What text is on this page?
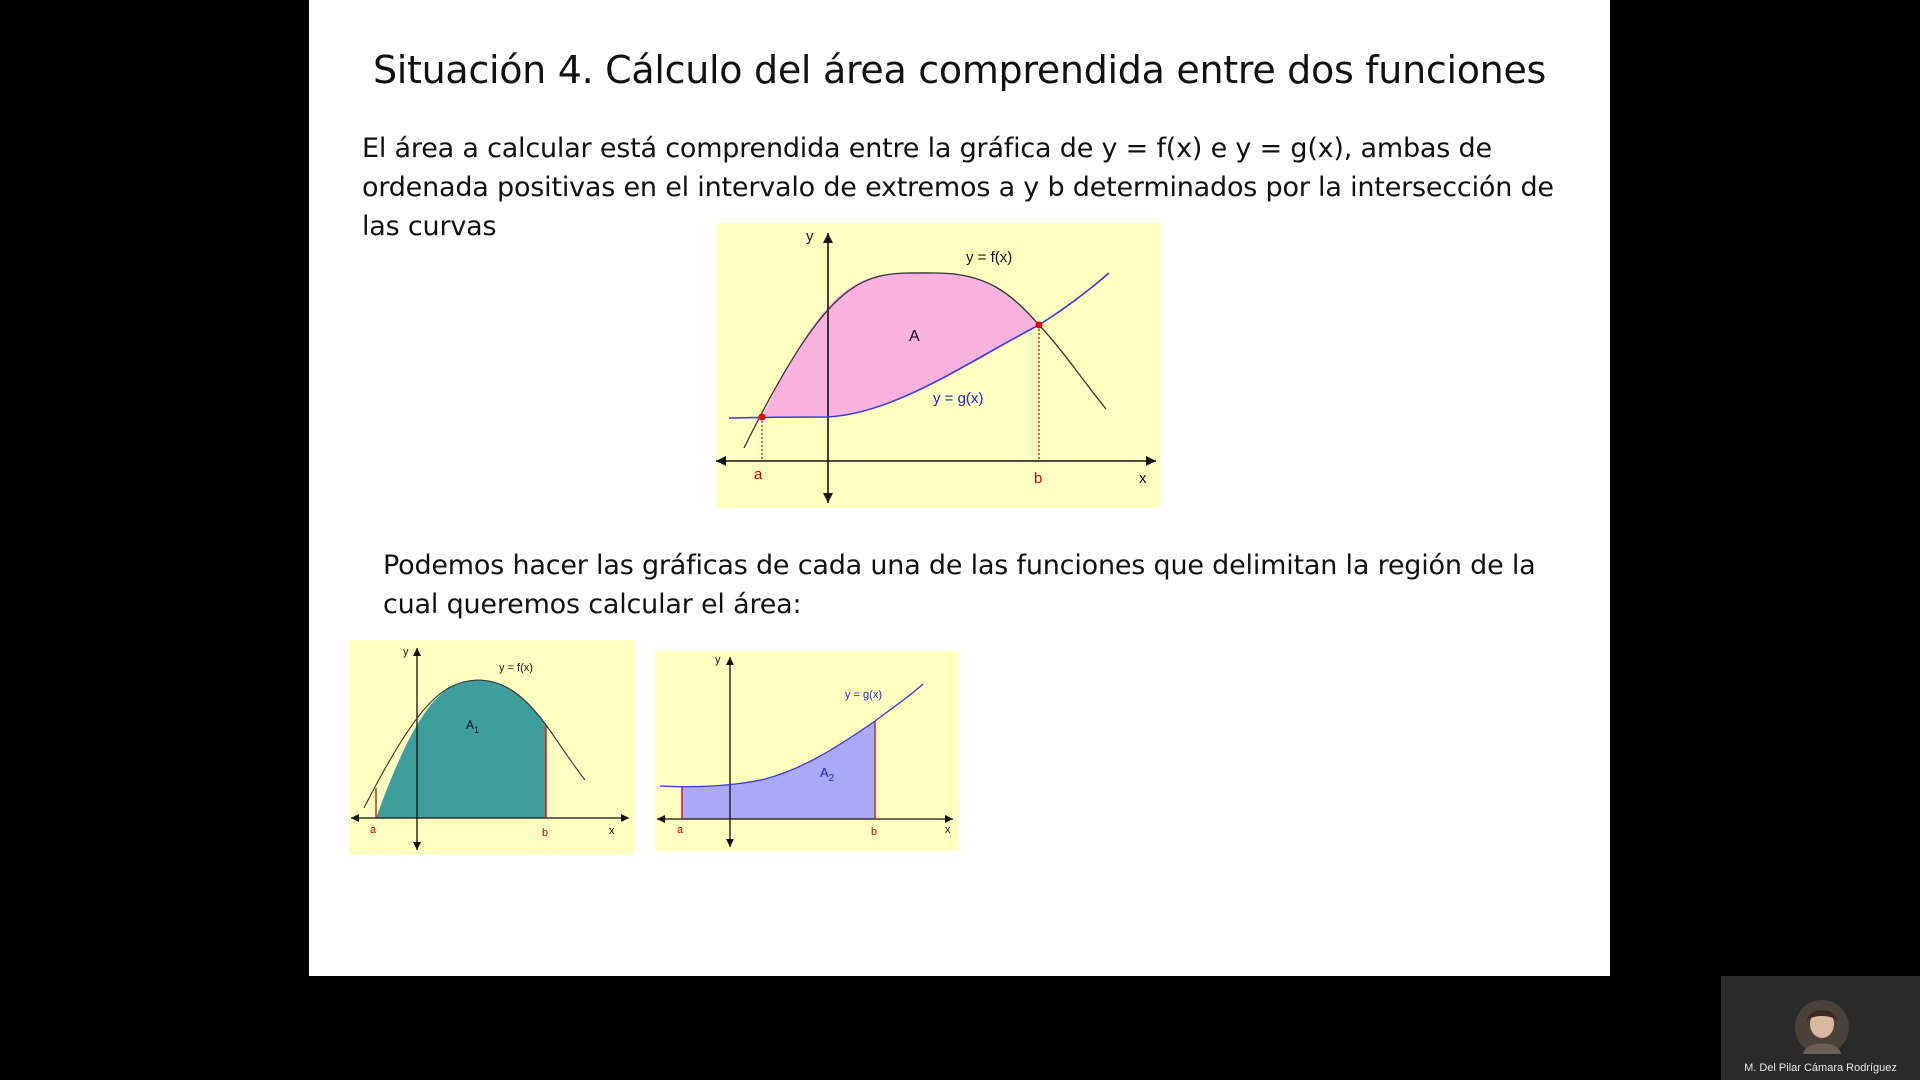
Situación 4. Cálculo del área comprendida entre dos funciones
El área a calcular está comprendida entre la gráfica de y = f(x) e y = g(x), ambas de ordenada positivas en el intervalo de extremos a y b determinados por la intersección de las curvas	y
x
y = f(x)
y = g(x)
A
a	b
Podemos hacer las gráficas de cada una de las funciones que delimitan la región de la cual queremos calcular el área:
y
x
y = f(x)
$A_1$
a	b
y
x
y = g(x)
$A_2$
a	b
M. Del Pilar Cámara Rodríguez
